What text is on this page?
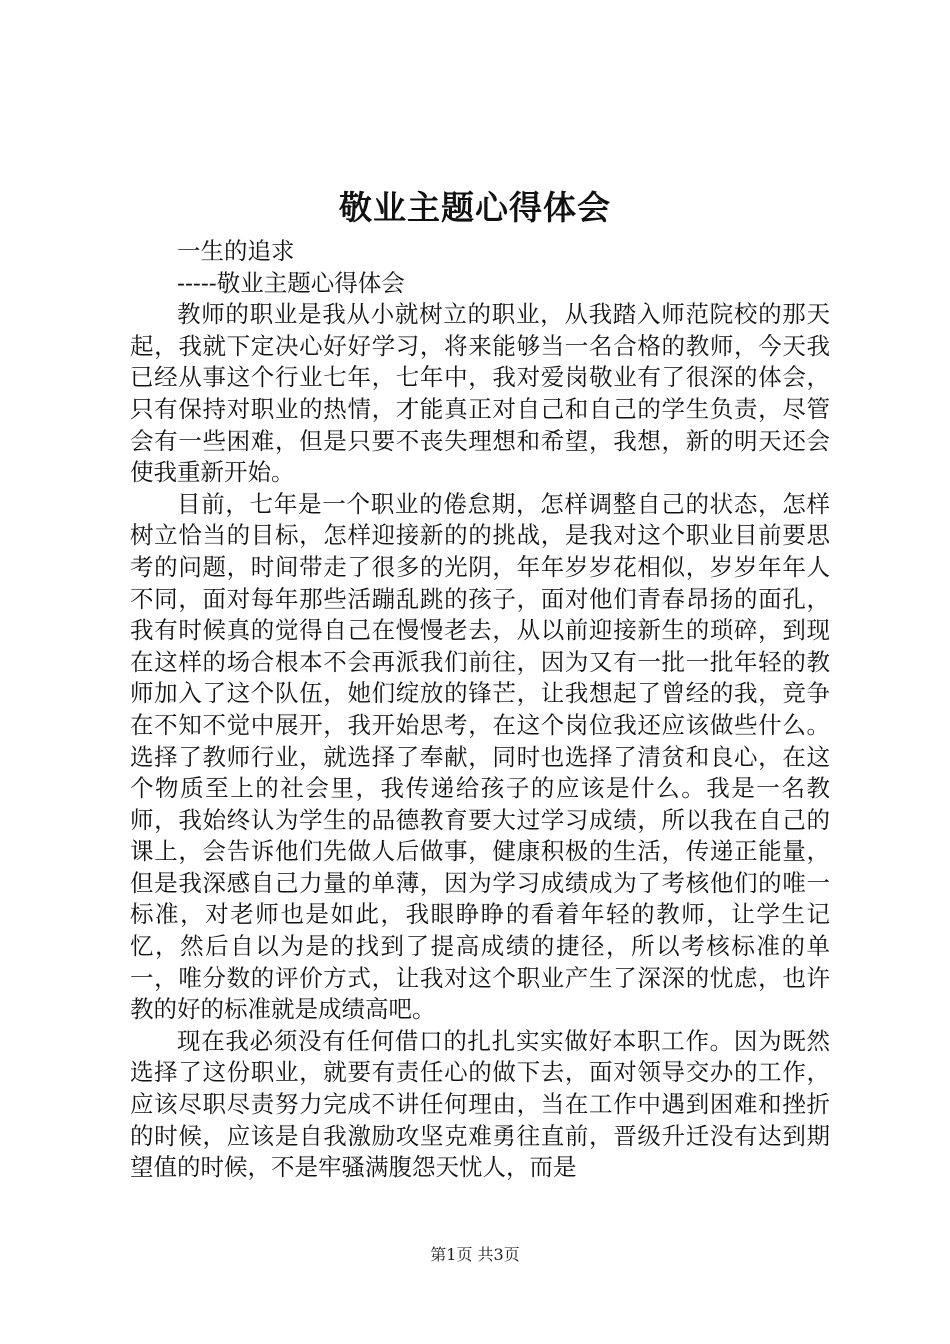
敬业主题心得体会

一生的追求

-----敬业主题心得体会

教师的职业是我从小就树立的职业，从我踏入师范院校的那天起，我就下定决心好好学习，将来能够当一名合格的教师，今天我已经从事这个行业七年，七年中，我对爱岗敬业有了很深的体会，只有保持对职业的热情，才能真正对自己和自己的学生负责，尽管会有一些困难，但是只要不丧失理想和希望，我想，新的明天还会使我重新开始。

目前，七年是一个职业的倦怠期，怎样调整自己的状态，怎样树立恰当的目标，怎样迎接新的的挑战，是我对这个职业目前要思考的问题，时间带走了很多的光阴，年年岁岁花相似，岁岁年年人不同，面对每年那些活蹦乱跳的孩子，面对他们青春昂扬的面孔，我有时候真的觉得自己在慢慢老去，从以前迎接新生的琐碎，到现在这样的场合根本不会再派我们前往，因为又有一批一批年轻的教师加入了这个队伍，她们绽放的锋芒，让我想起了曾经的我，竞争在不知不觉中展开，我开始思考，在这个岗位我还应该做些什么。选择了教师行业，就选择了奉献，同时也选择了清贫和良心，在这个物质至上的社会里，我传递给孩子的应该是什么。我是一名教师，我始终认为学生的品德教育要大过学习成绩，所以我在自己的课上，会告诉他们先做人后做事，健康积极的生活，传递正能量，但是我深感自己力量的单薄，因为学习成绩成为了考核他们的唯一标准，对老师也是如此，我眼睁睁的看着年轻的教师，让学生记忆，然后自以为是的找到了提高成绩的捷径，所以考核标准的单一，唯分数的评价方式，让我对这个职业产生了深深的忧虑，也许教的好的标准就是成绩高吧。

现在我必须没有任何借口的扎扎实实做好本职工作。因为既然选择了这份职业，就要有责任心的做下去，面对领导交办的工作，应该尽职尽责努力完成不讲任何理由，当在工作中遇到困难和挫折的时候，应该是自我激励攻坚克难勇往直前，晋级升迁没有达到期望值的时候，不是牢骚满腹怨天忧人，而是

第1页 共3页
